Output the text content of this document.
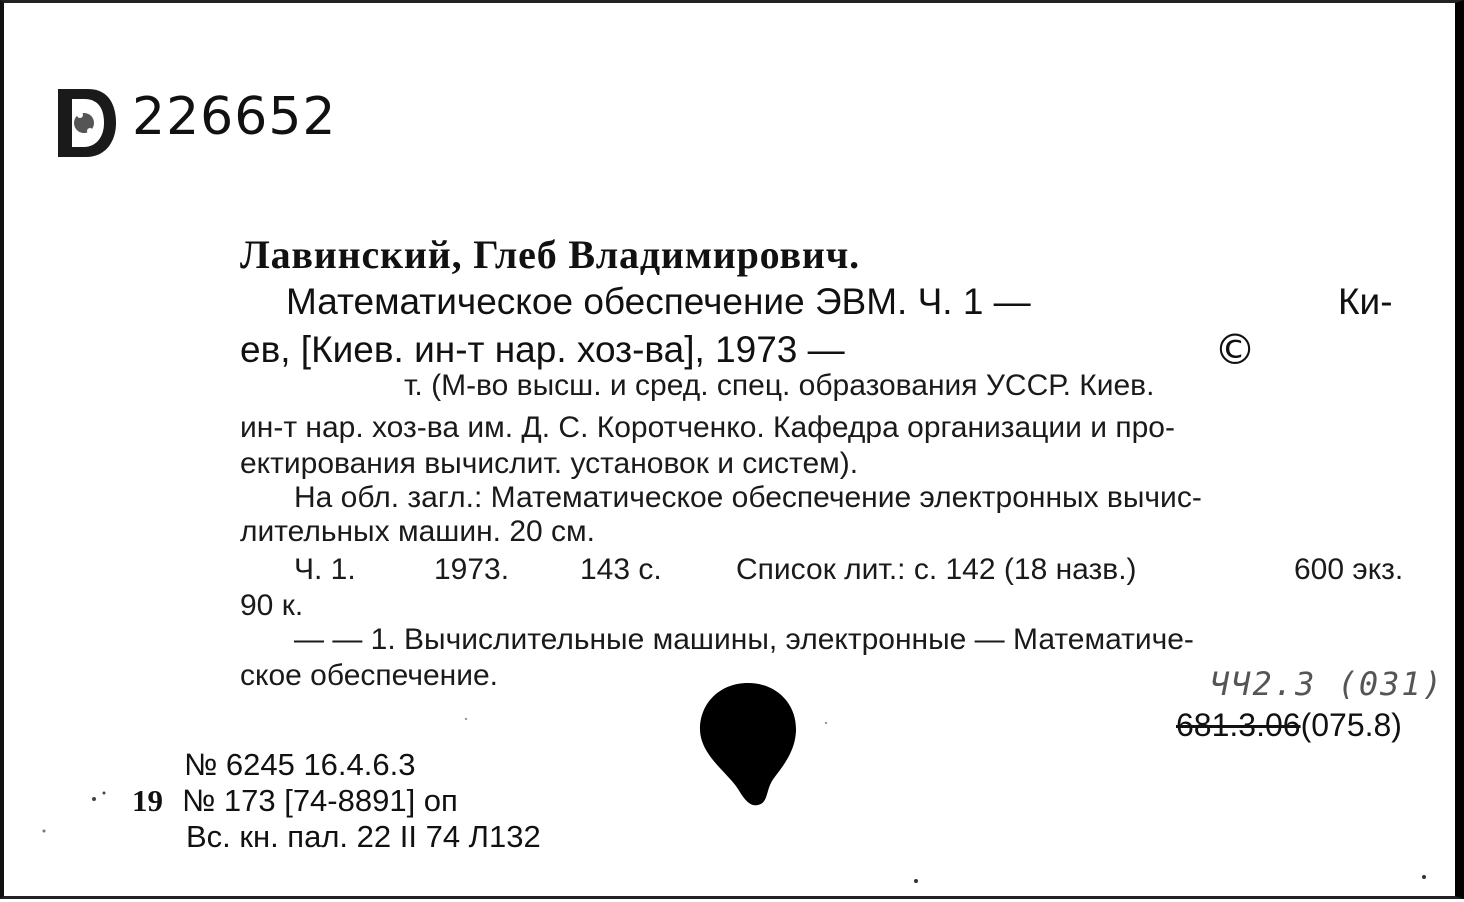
226652
Лавинский, Глеб Владимирович.
Математическое обеспечение ЭВМ. Ч. 1 —	Ки-
ев, [Киев. ин-т нар. хоз-ва], 1973 —	©
т. (М-во высш. и сред. спец. образования УССР. Киев.
ин-т нар. хоз-ва им. Д. С. Коротченко. Кафедра организации и про-
ектирования вычислит. установок и систем).
На обл. загл.: Математическое обеспечение электронных вычис-
лительных машин. 20 см.
Ч. 1.	1973. 143 с. Список лит.: с. 142 (18 назв.)	600 экз.
90 к.
— — 1. Вычислительные машины, электронные — Математиче-
ское обеспечение.	ЧЧ2.3 (031)
681.3.06(075.8)
№ 6245 16.4.6.3
19 № 173 [74-8891] оп
Вс. кн. пал. 22 II 74 Л132
